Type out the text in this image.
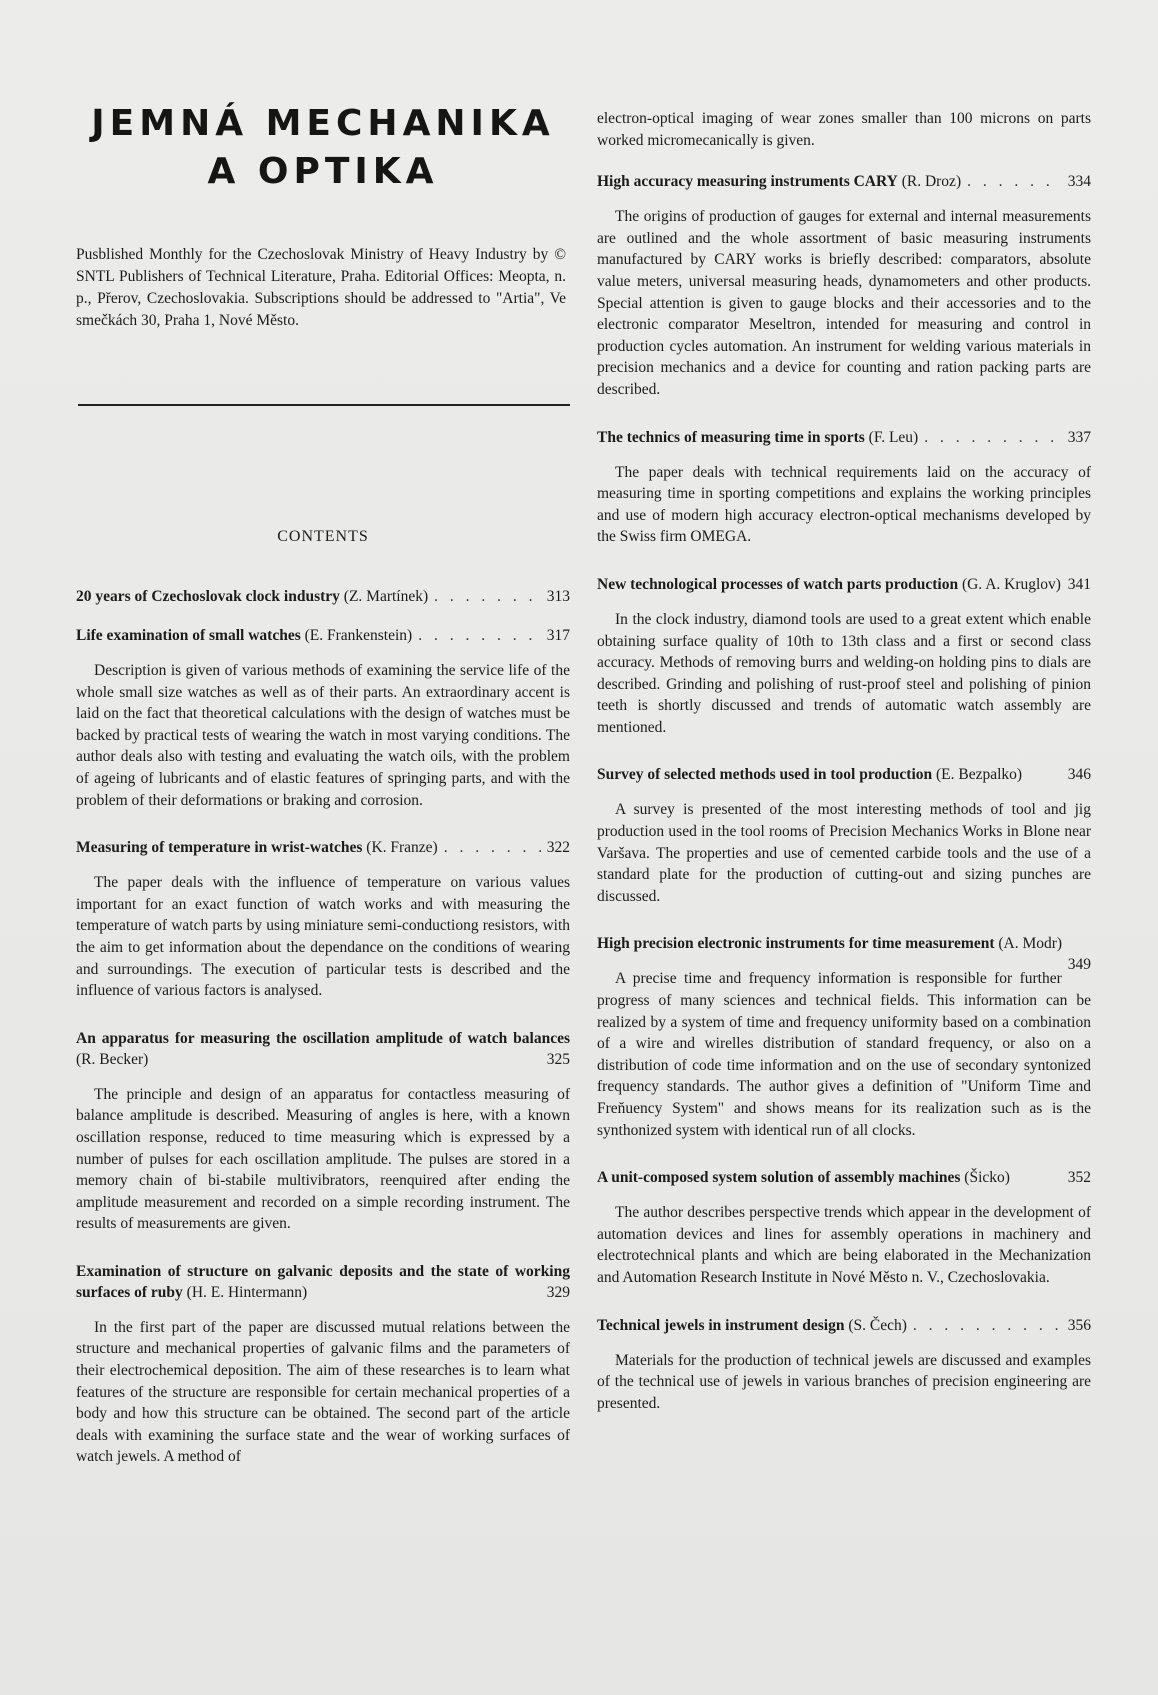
JEMNÁ MECHANIKA
A OPTIKA

Pusblished Monthly for the Czechoslovak Ministry of Heavy Industry by © SNTL Publishers of Technical Literature, Praha. Editorial Offices: Meopta, n. p., Přerov, Czechoslovakia. Subscriptions should be addressed to "Artia", Ve smečkách 30, Praha 1, Nové Město.

CONTENTS
20 years of Czechoslovak clock industry (Z. Martínek) . . .	313
Life examination of small watches (E. Frankenstein) . . .	317

Description is given of various methods of examining the service life of the whole small size watches as well as of their parts. An extraordinary accent is laid on the fact that theoretical calculations with the design of watches must be backed by practical tests of wearing the watch in most varying conditions. The author deals also with testing and evaluating the watch oils, with the problem of ageing of lubricants and of elastic features of springing parts, and with the problem of their deformations or braking and corrosion.

Measuring of temperature in wrist-watches (K. Franze) . . .	322

The paper deals with the influence of temperature on various values important for an exact function of watch works and with measuring the temperature of watch parts by using miniature semi-conductiong resistors, with the aim to get information about the dependance on the conditions of wearing and surroundings. The execution of particular tests is described and the influence of various factors is analysed.

An apparatus for measuring the oscillation amplitude of watch balances (R. Becker)	325

The principle and design of an apparatus for contactless measuring of balance amplitude is described. Measuring of angles is here, with a known oscillation response, reduced to time measuring which is expressed by a number of pulses for each oscillation amplitude. The pulses are stored in a memory chain of bi-stabile multivibrators, reenquired after ending the amplitude measurement and recorded on a simple recording instrument. The results of measurements are given.

Examination of structure on galvanic deposits and the state of working surfaces of ruby (H. E. Hintermann)	329

In the first part of the paper are discussed mutual relations between the structure and mechanical properties of galvanic films and the parameters of their electrochemical deposition. The aim of these researches is to learn what features of the structure are responsible for certain mechanical properties of a body and how this structure can be obtained. The second part of the article deals with examining the surface state and the wear of working surfaces of watch jewels. A method of

electron-optical imaging of wear zones smaller than 100 microns on parts worked micromecanically is given.

High accuracy measuring instruments CARY (R. Droz) . . .	334

The origins of production of gauges for external and internal measurements are outlined and the whole assortment of basic measuring instruments manufactured by CARY works is briefly described: comparators, absolute value meters, universal measuring heads, dynamometers and other products. Special attention is given to gauge blocks and their accessories and to the electronic comparator Meseltron, intended for measuring and control in production cycles automation. An instrument for welding various materials in precision mechanics and a device for counting and ration packing parts are described.

The technics of measuring time in sports (F. Leu) . . .	337

The paper deals with technical requirements laid on the accuracy of measuring time in sporting competitions and explains the working principles and use of modern high accuracy electron-optical mechanisms developed by the Swiss firm OMEGA.

New technological processes of watch parts production (G. A. Kruglov) 341

In the clock industry, diamond tools are used to a great extent which enable obtaining surface quality of 10th to 13th class and a first or second class accuracy. Methods of removing burrs and welding-on holding pins to dials are described. Grinding and polishing of rust-proof steel and polishing of pinion teeth is shortly discussed and trends of automatic watch assembly are mentioned.

Survey of selected methods used in tool production (E. Bezpalko)	346

A survey is presented of the most interesting methods of tool and jig production used in the tool rooms of Precision Mechanics Works in Blone near Varšava. The properties and use of cemented carbide tools and the use of a standard plate for the production of cutting-out and sizing punches are discussed.

High precision electronic instruments for time measurement (A. Modr)
349

A precise time and frequency information is responsible for further progress of many sciences and technical fields. This information can be realized by a system of time and frequency uniformity based on a combination of a wire and wirelles distribution of standard frequency, or also on a distribution of code time information and on the use of secondary syntonized frequency standards. The author gives a definition of "Uniform Time and Freňuency System" and shows means for its realization such as is the synthonized system with identical run of all clocks.

A unit-composed system solution of assembly machines (Šicko)	352

The author describes perspective trends which appear in the development of automation devices and lines for assembly operations in machinery and electrotechnical plants and which are being elaborated in the Mechanization and Automation Research Institute in Nové Město n. V., Czechoslovakia.

Technical jewels in instrument design (S. Čech) . . .	356

Materials for the production of technical jewels are discussed and examples of the technical use of jewels in various branches of precision engineering are presented.
